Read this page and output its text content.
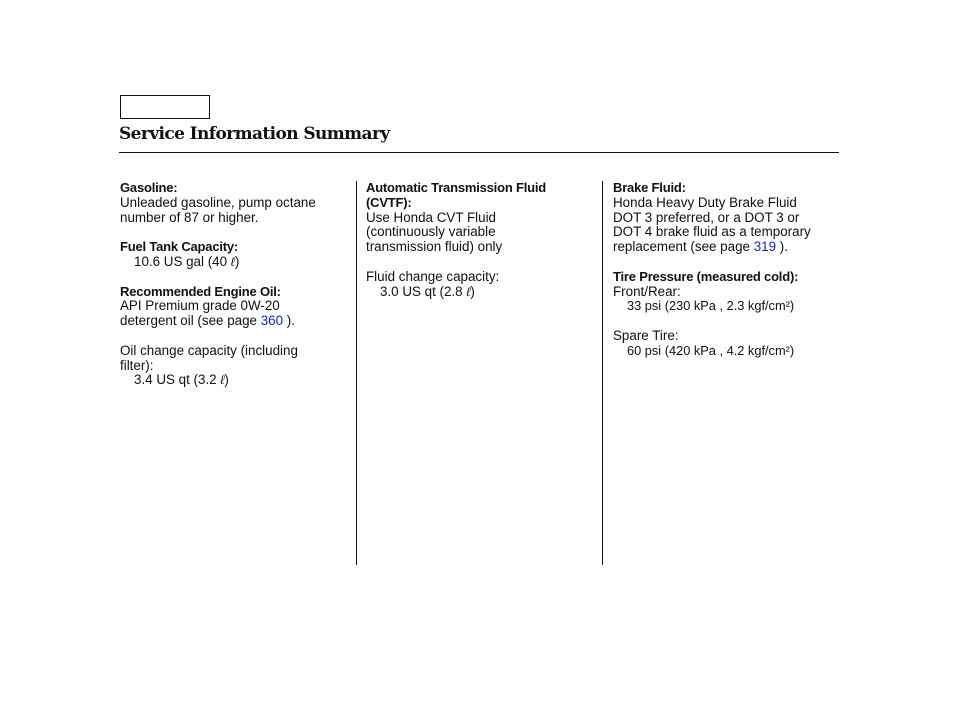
Service Information Summary
Gasoline:
Unleaded gasoline, pump octane
number of 87 or higher.
Fuel Tank Capacity:
10.6 US gal (40 ℓ)
Recommended Engine Oil:
API Premium grade 0W-20
detergent oil (see page 360 ).
Oil change capacity (including
filter):
3.4 US qt (3.2 ℓ)
Automatic Transmission Fluid
(CVTF):
Use Honda CVT Fluid
(continuously variable
transmission fluid) only
Fluid change capacity:
3.0 US qt (2.8 ℓ)
Brake Fluid:
Honda Heavy Duty Brake Fluid
DOT 3 preferred, or a DOT 3 or
DOT 4 brake fluid as a temporary
replacement (see page 319 ).
Tire Pressure (measured cold):
Front/Rear:
33 psi (230 kPa , 2.3 kgf/cm²)
Spare Tire:
60 psi (420 kPa , 4.2 kgf/cm²)
